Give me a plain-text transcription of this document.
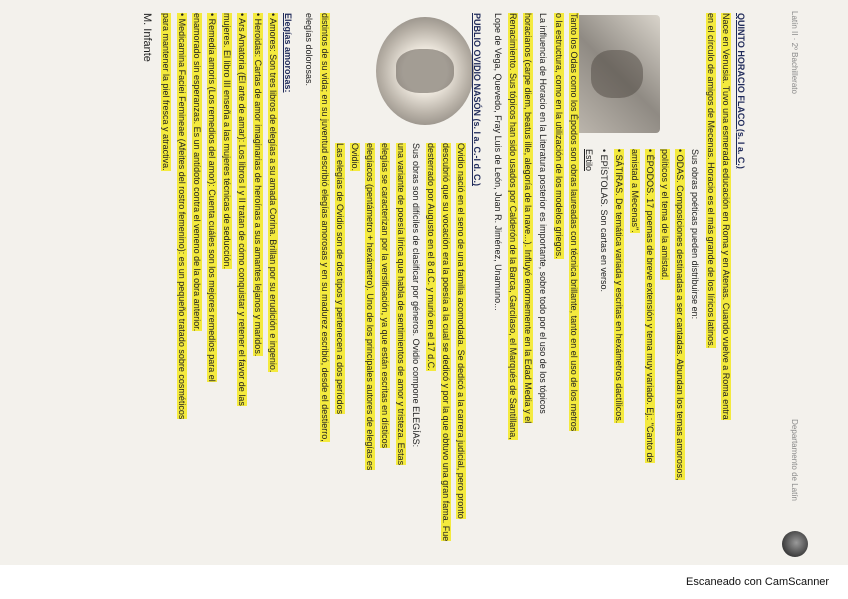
Latín II · 2º Bachillerato
Departamento de Latín

QUINTO HORACIO FLACO (s. I a. C.)

Nace en Venusia. Tuvo una esmerada educación en Roma y en Atenas. Cuando vuelve a Roma entra

en el círculo de amigos de Mecenas. Horacio es el más grande de los líricos latinos.

Sus obras poéticas pueden distribuirse en:

• ODAS. Composiciones destinadas a ser cantadas. Abundan los temas amorosos,

políticos y el tema de la amistad.

• ÉPODOS. 17 poemas de breve extensión y tema muy variado. Ej.: "Canto de

amistad a Mecenas".

• SÁTIRAS. De temática variada y escritas en hexámetros dactílicos.

• EPÍSTOLAS. Son cartas en verso.

Estilo

Tanto los Odas como los Épodos son obras laureadas con técnica brillante, tanto en el uso de los metros

o la estructura, como en la utilización de los modelos griegos.

La influencia de Horacio en la Literatura posterior es importante, sobre todo por el uso de los tópicos

horacianos (carpe diem, beatus ille, alegoría de la nave...). Influyó enormemente en la Edad Media y el

Renacimiento. Sus tópicos han sido usados por Calderón de la Barca, Garcilaso, el Marqués de Santillana,

Lope de Vega, Quevedo, Fray Luis de León, Juan R. Jiménez, Unamuno...

PUBLIO OVIDIO NASÓN (s. I a. C.-I d. C.)

Ovidio nació en el seno de una familia acomodada. Se dedicó a la carrera judicial, pero pronto

descubrió que su vocación era la poesía a la cual se dedicó y por la que obtuvo una gran fama. Fue

desterrado por Augusto en el 8 d.C. y murió en el 17 d.C.

Sus obras son difíciles de clasificar por géneros. Ovidio compone ELEGÍAS:

una variante de poesía lírica que habla de sentimientos de amor y tristeza. Estas

elegías se caracterizan por la versificación, ya que están escritas en dísticos

elegíacos (pentámetro + hexámetro). Uno de los principales autores de elegías es

Ovidio.

Las elegías de Ovidio son de dos tipos y pertenecen a dos períodos

distintos de su vida; en su juventud escribió elegías amorosas y en su madurez escribió, desde el destierro,

elegías dolorosas.

Elegías amorosas:

• Amores: Son tres libros de elegías a su amada Corina. Brillan por su erudición e ingenio.

• Heroidas: Cartas de amor imaginarias de heroínas a sus amantes lejanos y maridos.

• Ars Amatoria (El arte de amar): Los libros I y II tratan de cómo conquistar y retener el favor de las

mujeres. El libro III enseña a las mujeres técnicas de seducción.

• Remedia amoris (Los remedios del amor): Cuenta cuáles son los mejores remedios para el

enamorado sin esperanzas. Es un antídoto contra el veneno de la obra anterior.

• Medicamina Faciei Femineae (Afeites del rostro femenino): es un pequeño tratado sobre cosméticos

para mantener la piel fresca y atractiva.

M. Infante

Escaneado con CamScanner
